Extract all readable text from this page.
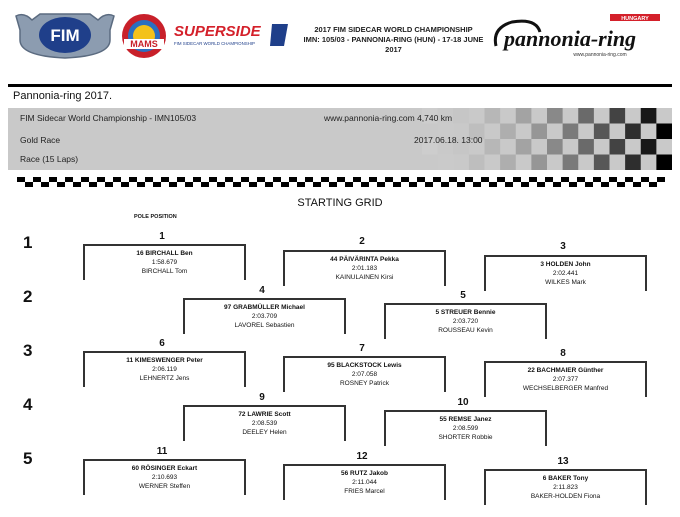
FIM	MAMS
SUPERSIDE
FIM SIDECAR WORLD CHAMPIONSHIP
2017 FIM SIDECAR WORLD CHAMPIONSHIP
IMN: 105/03 - PANNONIA-RING (HUN) - 17-18 JUNE 2017
HUNGARY
pannonia-ring
www.pannonia-ring.com
Pannonia-ring 2017.
FIM Sidecar World Championship - IMN105/03	www.pannonia-ring.com 4,740 km
Gold Race	2017.06.18. 13:00
Race (15 Laps)
STARTING GRID
POLE POSITION
1
2
3
4
5
1
16 BIRCHALL Ben
1:58.679
BIRCHALL Tom
2
44 PÄIVÄRINTA Pekka
2:01.183
KAINULAINEN Kirsi
3
3 HOLDEN John
2:02.441
WILKES Mark
4
97 GRABMÜLLER Michael
2:03.709
LAVOREL Sebastien
5
5 STREUER Bennie
2:03.720
ROUSSEAU Kevin
6
11 KIMESWENGER Peter
2:06.119
LEHNERTZ Jens
7
95 BLACKSTOCK Lewis
2:07.058
ROSNEY Patrick
8
22 BACHMAIER Günther
2:07.377
WECHSELBERGER Manfred
9
72 LAWRIE Scott
2:08.539
DEELEY Helen
10
55 REMSE Janez
2:08.599
SHORTER Robbie
11
60 RÖSINGER Eckart
2:10.693
WERNER Steffen
12
56 RUTZ Jakob
2:11.044
FRIES Marcel
13
6 BAKER Tony
2:11.823
BAKER-HOLDEN Fiona
